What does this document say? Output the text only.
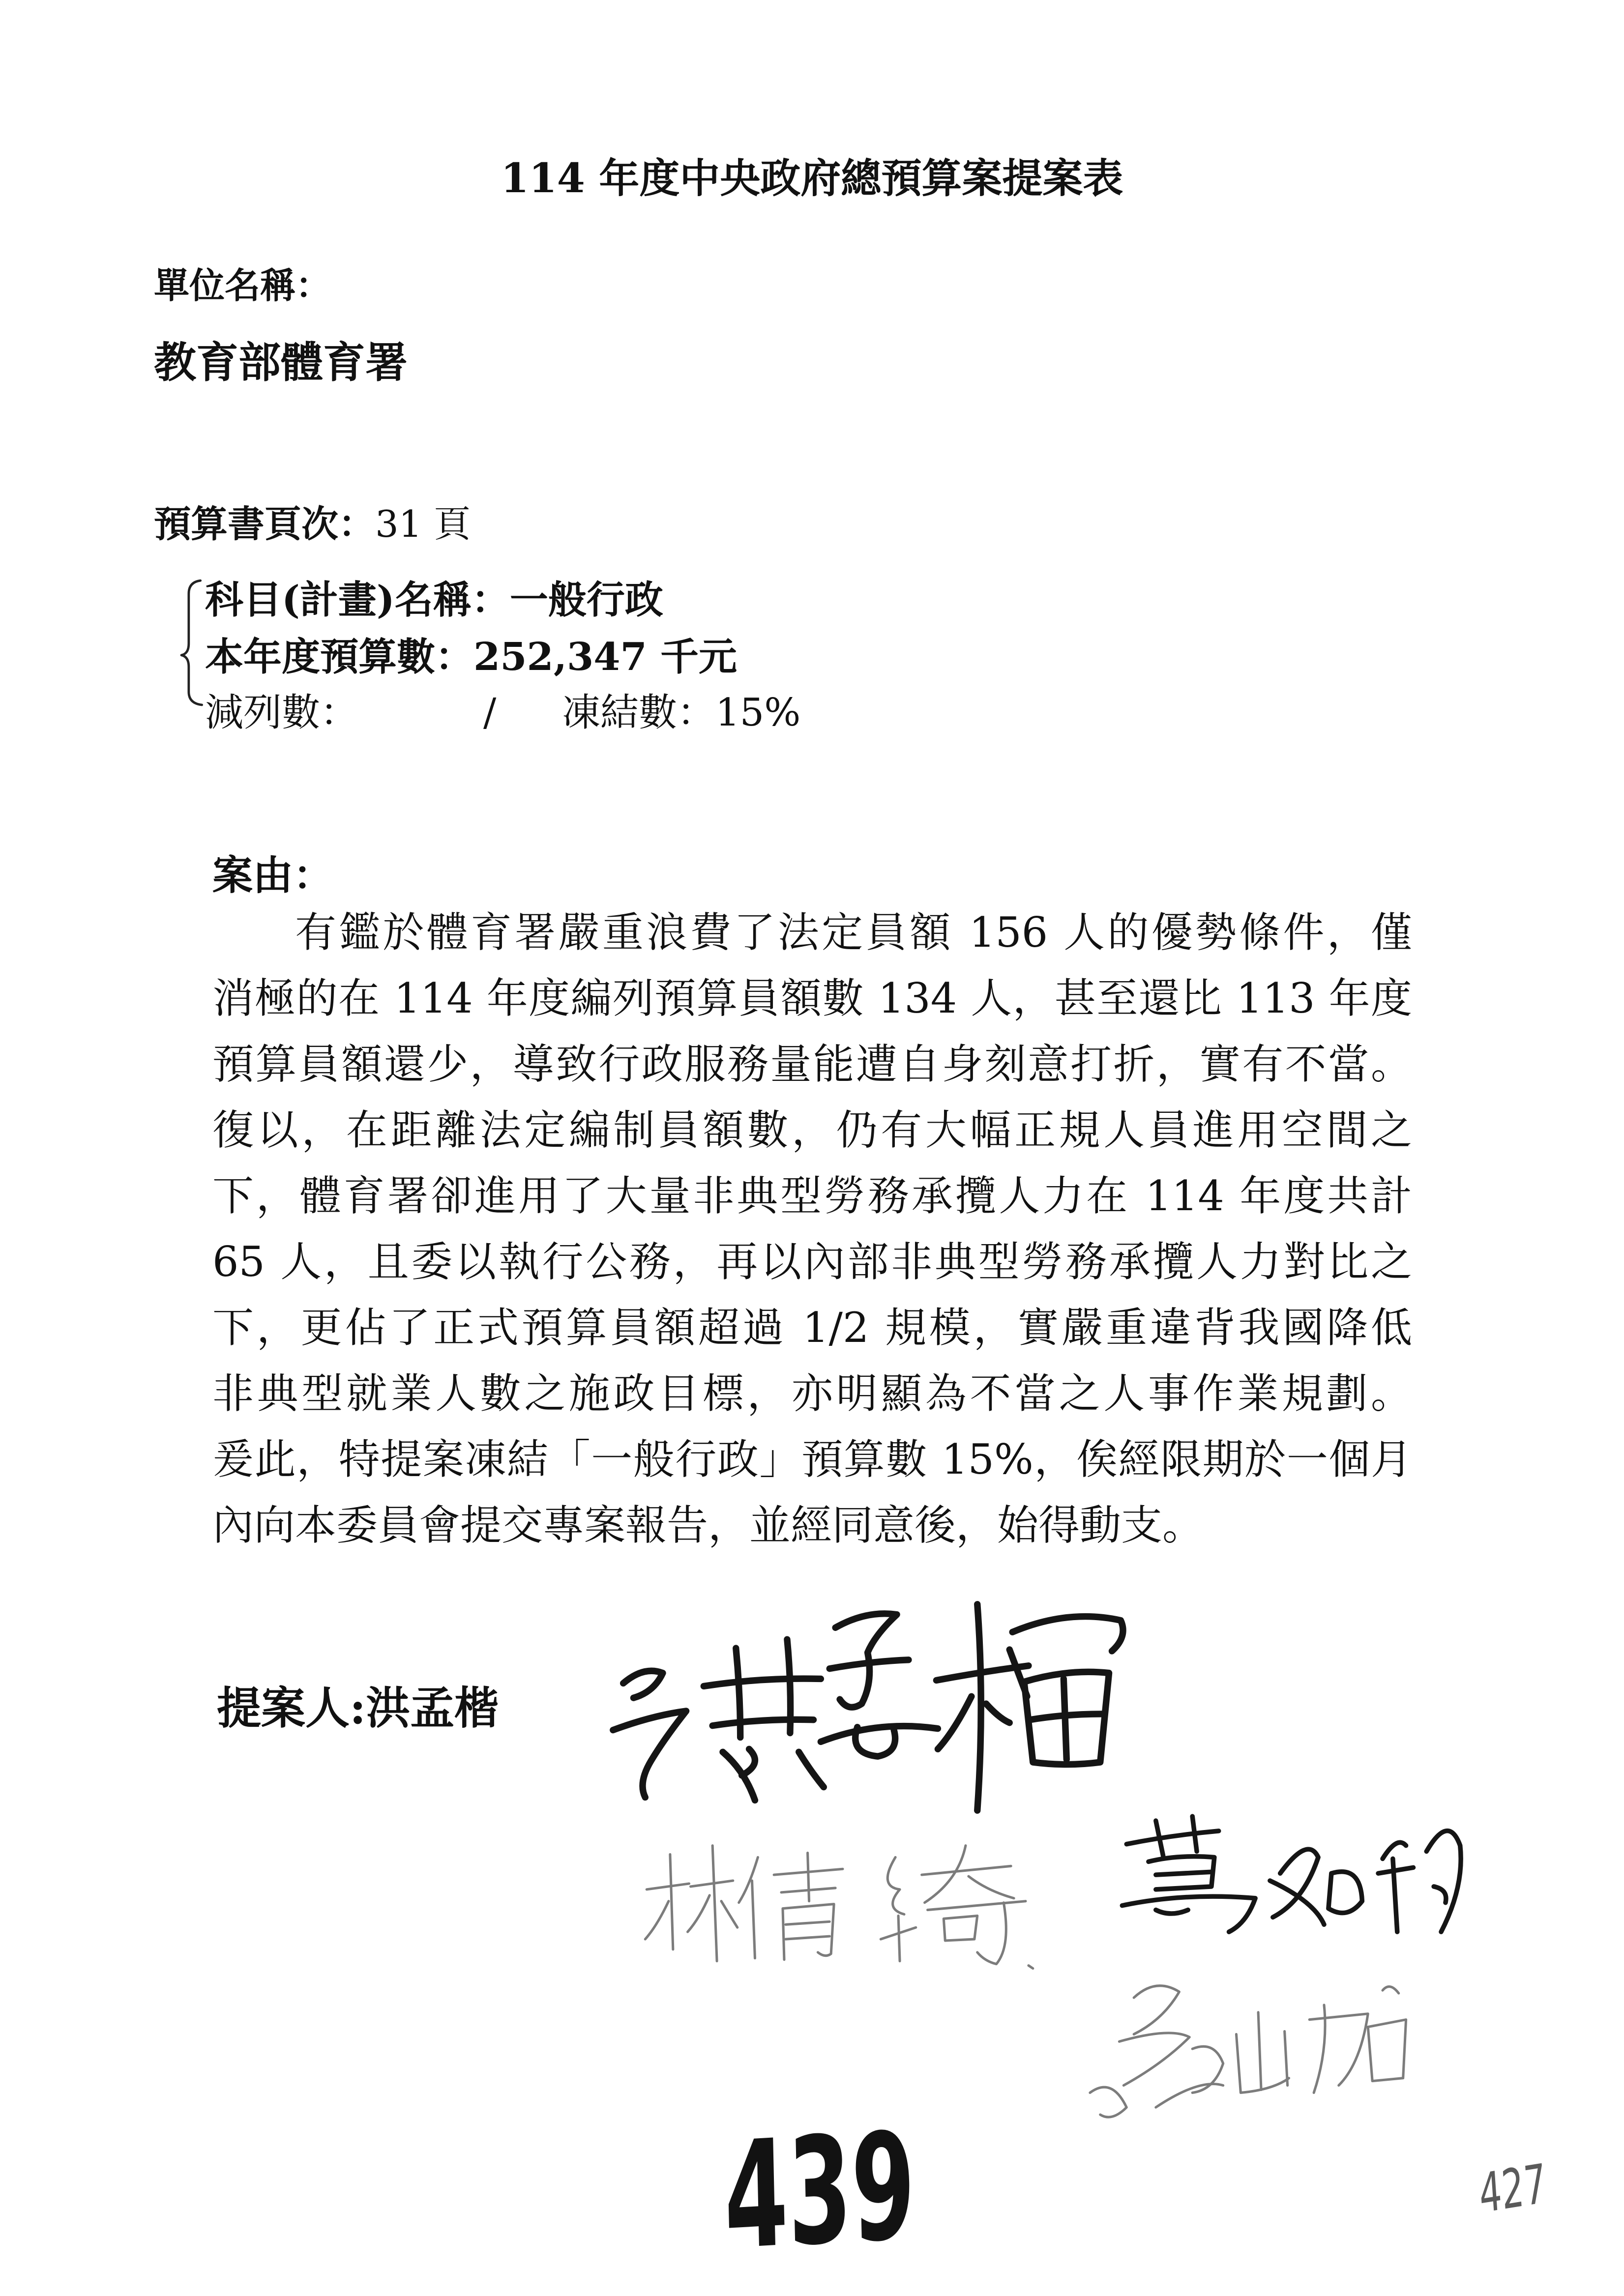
114 年度中央政府總預算案提案表
單位名稱：
教育部體育署
預算書頁次：31 頁
科目(計畫)名稱：一般行政
本年度預算數：252,347 千元
減列數：	/ 凍結數：15%
案由：
有鑑於體育署嚴重浪費了法定員額 156 人的優勢條件，僅
消極的在 114 年度編列預算員額數 134 人，甚至還比 113 年度
預算員額還少，導致行政服務量能遭自身刻意打折，實有不當。
復以，在距離法定編制員額數，仍有大幅正規人員進用空間之
下，體育署卻進用了大量非典型勞務承攬人力在 114 年度共計
65 人，且委以執行公務，再以內部非典型勞務承攬人力對比之
下，更佔了正式預算員額超過 1/2 規模，實嚴重違背我國降低
非典型就業人數之施政目標，亦明顯為不當之人事作業規劃。
爰此，特提案凍結「一般行政」預算數 15%，俟經限期於一個月
內向本委員會提交專案報告，並經同意後，始得動支。
提案人:洪孟楷
439	427
